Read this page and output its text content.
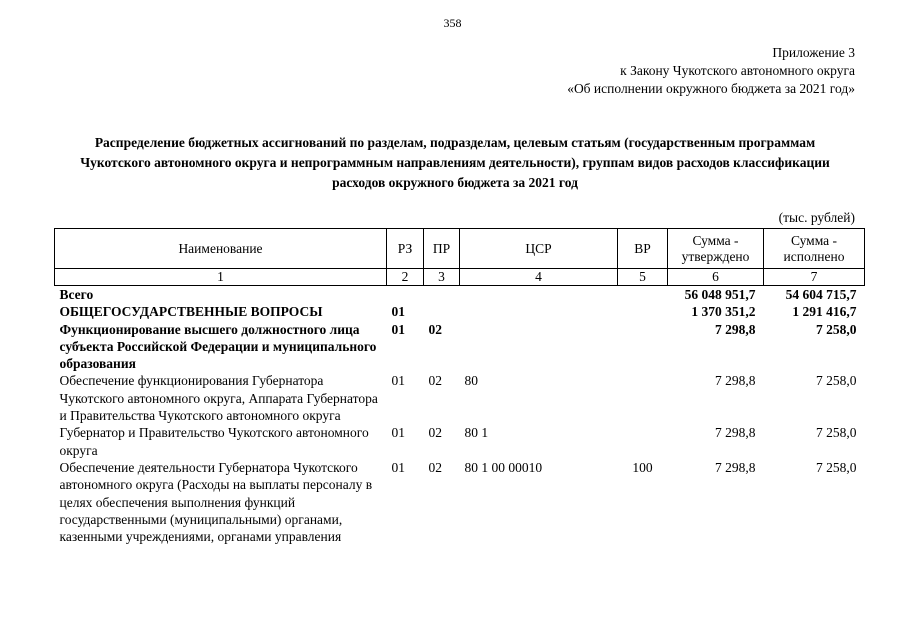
358
Приложение 3
к Закону Чукотского автономного округа
«Об исполнении окружного бюджета за 2021 год»
Распределение бюджетных ассигнований по разделам, подразделам, целевым статьям (государственным программам Чукотского автономного округа и непрограммным направлениям деятельности), группам видов расходов классификации расходов окружного бюджета за 2021 год
(тыс. рублей)
Наименование	РЗ	ПР	ЦСР	ВР	Сумма - утверждено	Сумма - исполнено
1	2	3	4	5	6	7
Всего					56 048 951,7	54 604 715,7
ОБЩЕГОСУДАРСТВЕННЫЕ ВОПРОСЫ	01				1 370 351,2	1 291 416,7
Функционирование высшего должностного лица субъекта Российской Федерации и муниципального образования	01	02			7 298,8	7 258,0
Обеспечение функционирования Губернатора Чукотского автономного округа, Аппарата Губернатора и Правительства Чукотского автономного округа	01	02	80		7 298,8	7 258,0
Губернатор и Правительство Чукотского автономного округа	01	02	80 1		7 298,8	7 258,0
Обеспечение деятельности Губернатора Чукотского автономного округа (Расходы на выплаты персоналу в целях обеспечения выполнения функций государственными (муниципальными) органами, казенными учреждениями, органами управления	01	02	80 1 00 00010	100	7 298,8	7 258,0
